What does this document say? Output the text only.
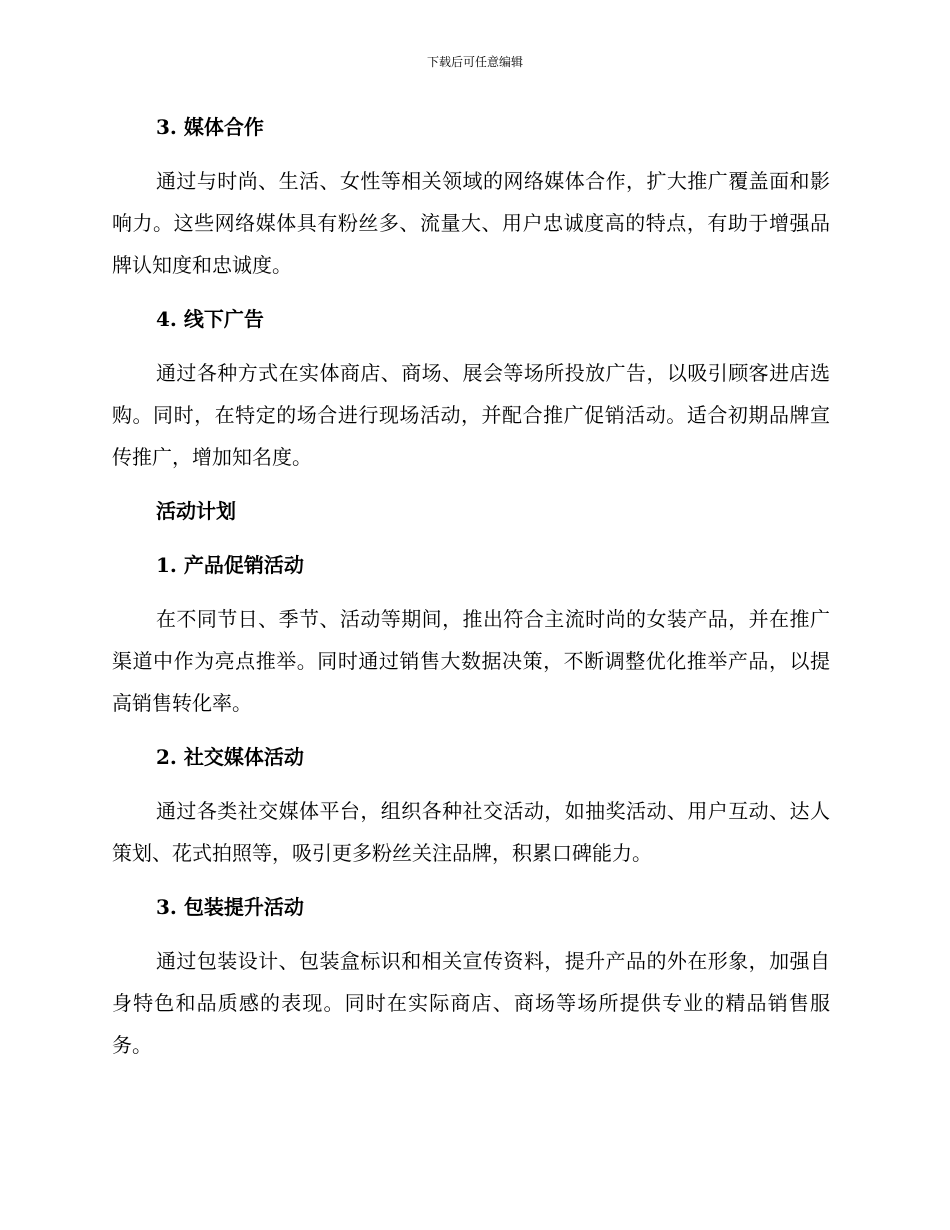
下载后可任意编辑
3. 媒体合作

通过与时尚、生活、女性等相关领域的网络媒体合作，扩大推广覆盖面和影响力。这些网络媒体具有粉丝多、流量大、用户忠诚度高的特点，有助于增强品牌认知度和忠诚度。

4. 线下广告

通过各种方式在实体商店、商场、展会等场所投放广告，以吸引顾客进店选购。同时，在特定的场合进行现场活动，并配合推广促销活动。适合初期品牌宣传推广，增加知名度。

活动计划
1. 产品促销活动

在不同节日、季节、活动等期间，推出符合主流时尚的女装产品，并在推广渠道中作为亮点推举。同时通过销售大数据决策，不断调整优化推举产品，以提高销售转化率。

2. 社交媒体活动

通过各类社交媒体平台，组织各种社交活动，如抽奖活动、用户互动、达人策划、花式拍照等，吸引更多粉丝关注品牌，积累口碑能力。

3. 包装提升活动

通过包装设计、包装盒标识和相关宣传资料，提升产品的外在形象，加强自身特色和品质感的表现。同时在实际商店、商场等场所提供专业的精品销售服务。
